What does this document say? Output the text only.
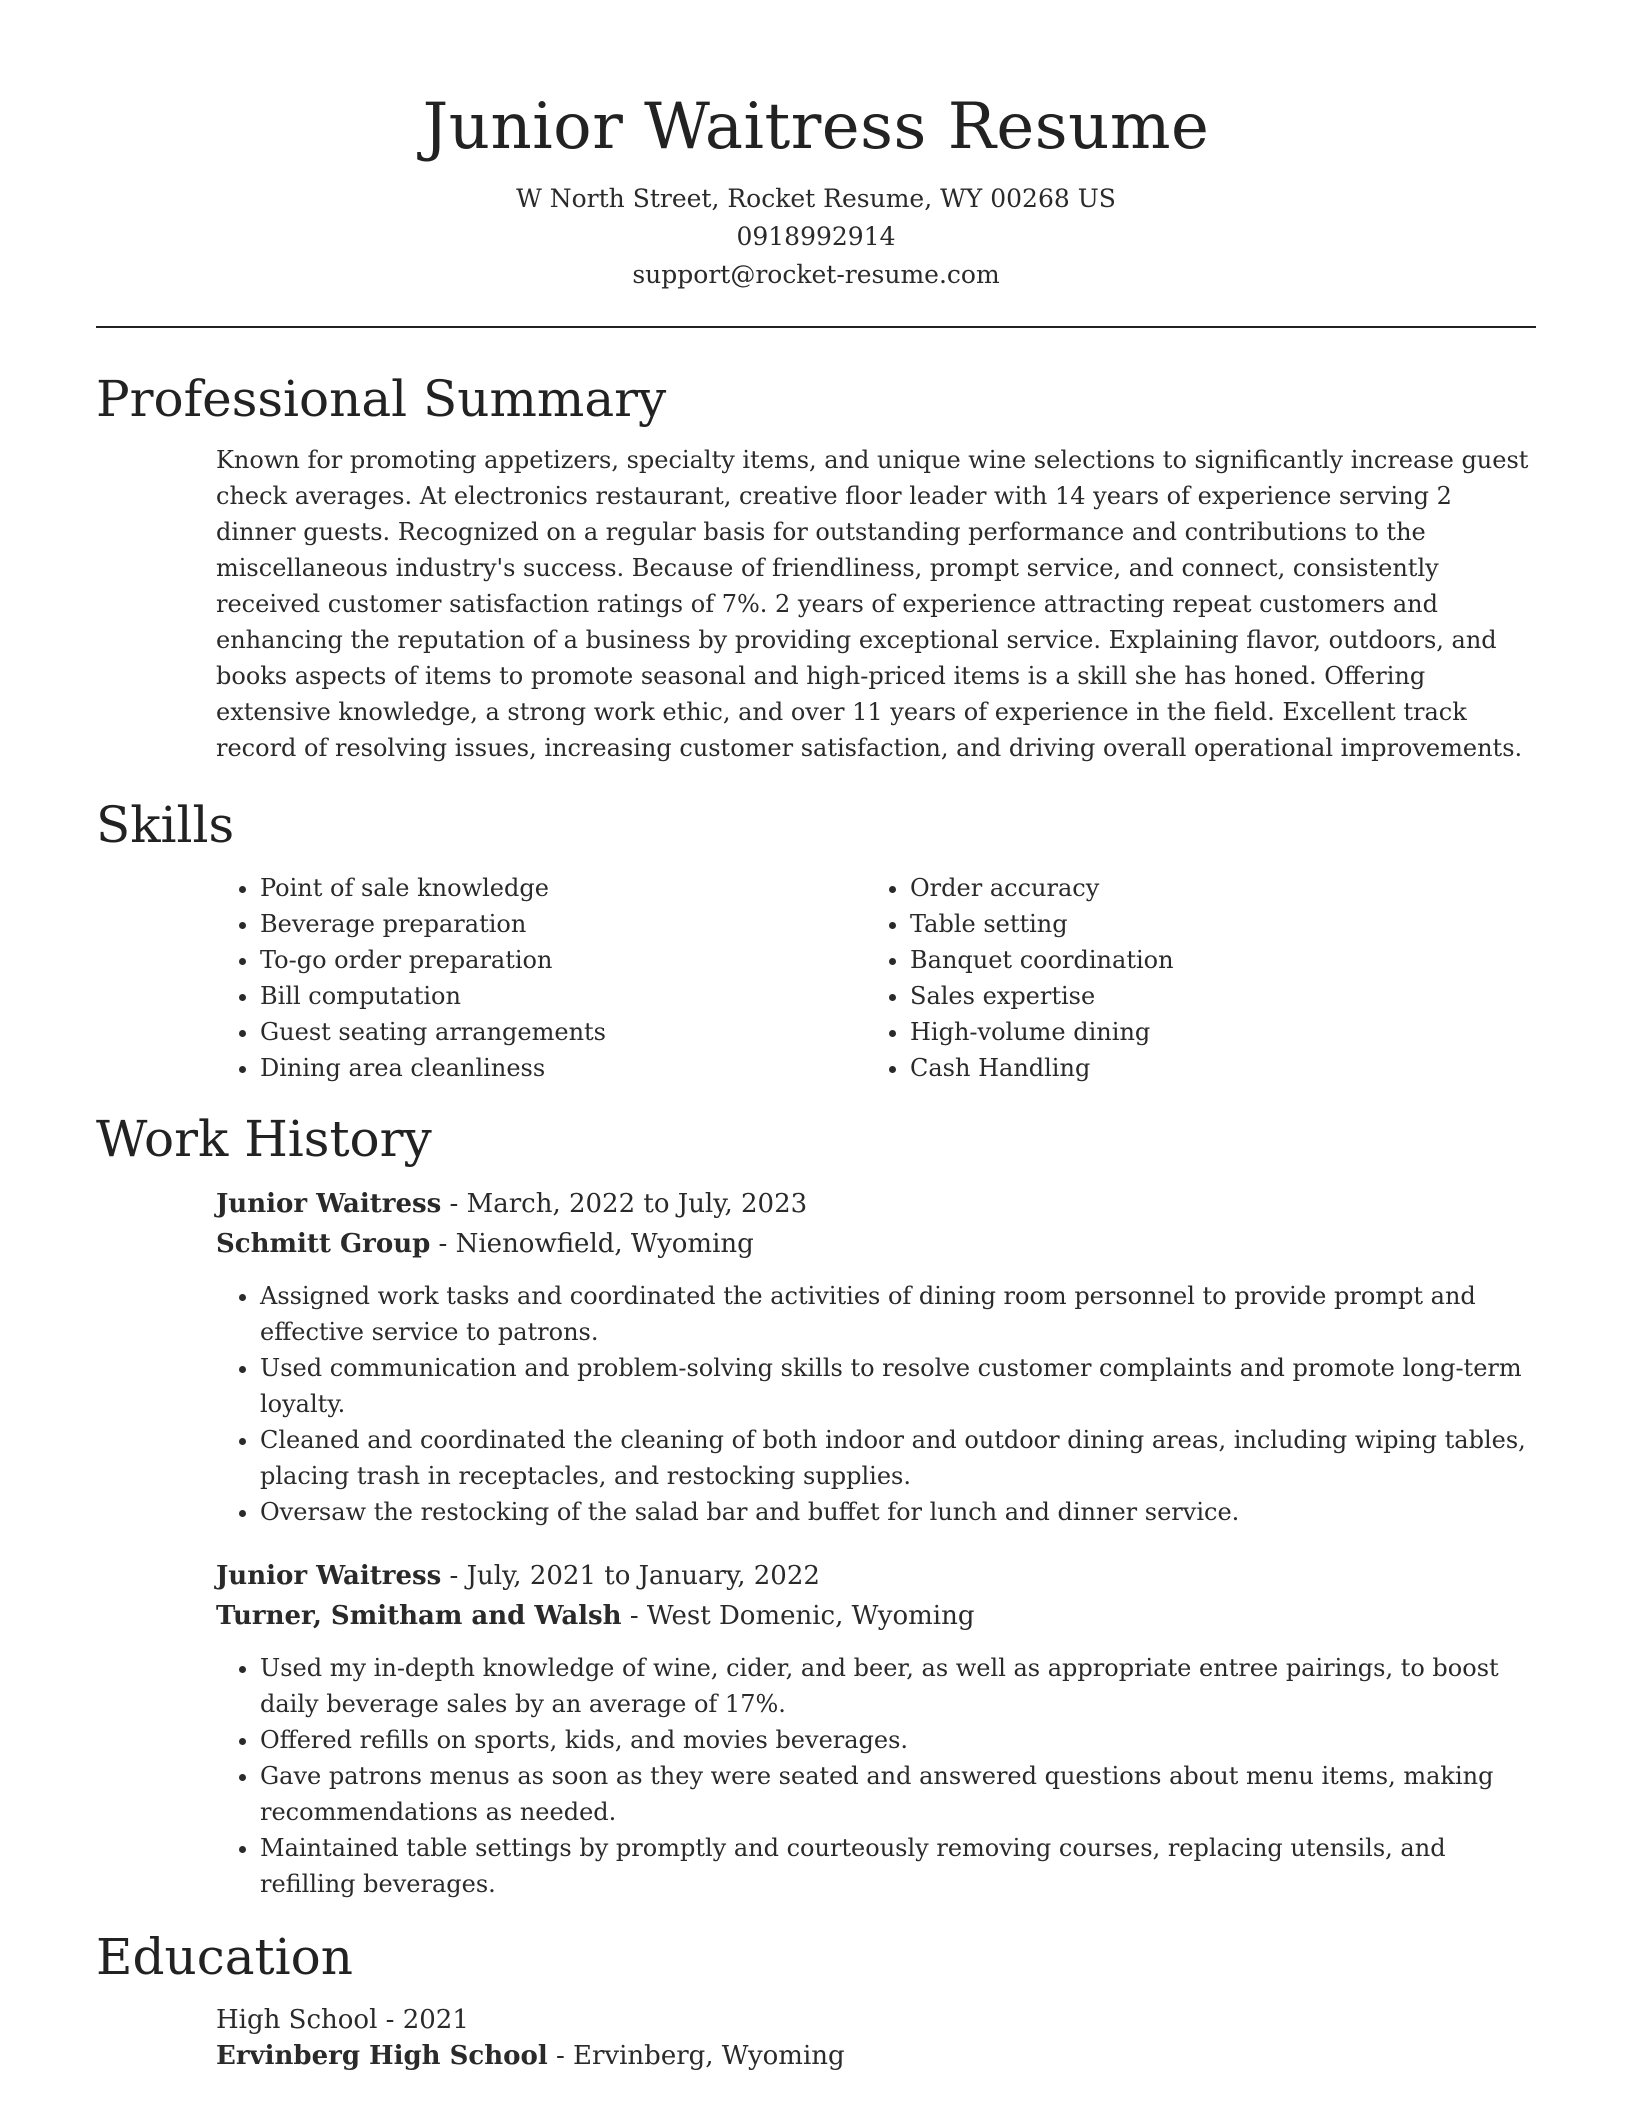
Junior Waitress Resume
W North Street, Rocket Resume, WY 00268 US
0918992914
support@rocket-resume.com
Professional Summary

Known for promoting appetizers, specialty items, and unique wine selections to significantly increase guest check averages. At electronics restaurant, creative floor leader with 14 years of experience serving 2 dinner guests. Recognized on a regular basis for outstanding performance and contributions to the miscellaneous industry's success. Because of friendliness, prompt service, and connect, consistently received customer satisfaction ratings of 7%. 2 years of experience attracting repeat customers and enhancing the reputation of a business by providing exceptional service. Explaining flavor, outdoors, and books aspects of items to promote seasonal and high-priced items is a skill she has honed. Offering extensive knowledge, a strong work ethic, and over 11 years of experience in the field. Excellent track record of resolving issues, increasing customer satisfaction, and driving overall operational improvements.

Skills
• Point of sale knowledge
• Beverage preparation
• To-go order preparation
• Bill computation
• Guest seating arrangements
• Dining area cleanliness
• Order accuracy
• Table setting
• Banquet coordination
• Sales expertise
• High-volume dining
• Cash Handling
Work History
Junior Waitress - March, 2022 to July, 2023
Schmitt Group - Nienowfield, Wyoming
• Assigned work tasks and coordinated the activities of dining room personnel to provide prompt and effective service to patrons.
• Used communication and problem-solving skills to resolve customer complaints and promote long-term loyalty.
• Cleaned and coordinated the cleaning of both indoor and outdoor dining areas, including wiping tables, placing trash in receptacles, and restocking supplies.
• Oversaw the restocking of the salad bar and buffet for lunch and dinner service.
Junior Waitress - July, 2021 to January, 2022
Turner, Smitham and Walsh - West Domenic, Wyoming
• Used my in-depth knowledge of wine, cider, and beer, as well as appropriate entree pairings, to boost daily beverage sales by an average of 17%.
• Offered refills on sports, kids, and movies beverages.
• Gave patrons menus as soon as they were seated and answered questions about menu items, making recommendations as needed.
• Maintained table settings by promptly and courteously removing courses, replacing utensils, and refilling beverages.
Education
High School - 2021
Ervinberg High School - Ervinberg, Wyoming
